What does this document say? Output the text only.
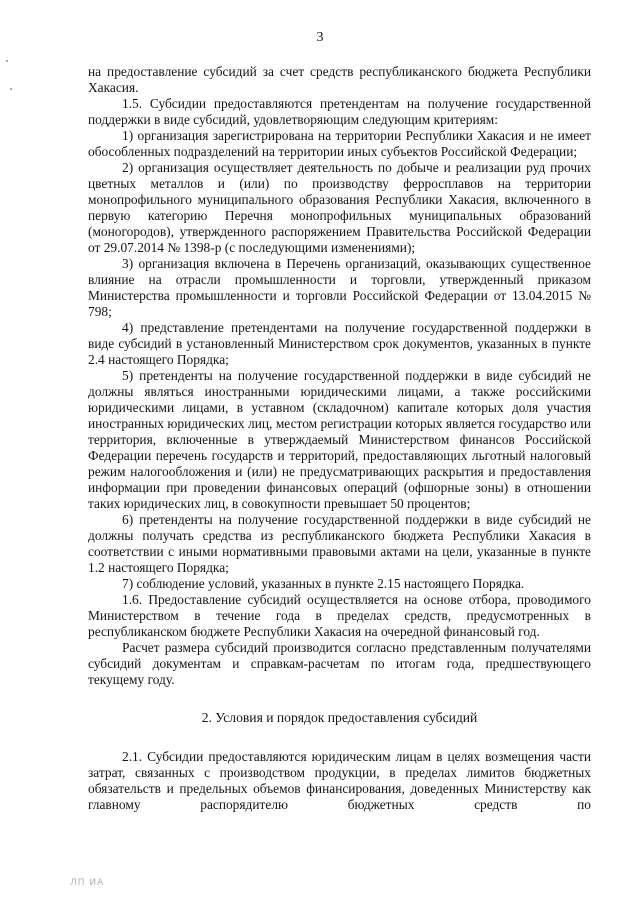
3

на предоставление субсидий за счет средств республиканского бюджета Республики Хакасия.

1.5. Субсидии предоставляются претендентам на получение государственной поддержки в виде субсидий, удовлетворяющим следующим критериям:

1) организация зарегистрирована на территории Республики Хакасия и не имеет обособленных подразделений на территории иных субъектов Российской Федерации;

2) организация осуществляет деятельность по добыче и реализации руд прочих цветных металлов и (или) по производству ферросплавов на территории монопрофильного муниципального образования Республики Хакасия, включенного в первую категорию Перечня монопрофильных муниципальных образований (моногородов), утвержденного распоряжением Правительства Российской Федерации от 29.07.2014 № 1398-р (с последующими изменениями);

3) организация включена в Перечень организаций, оказывающих существенное влияние на отрасли промышленности и торговли, утвержденный приказом Министерства промышленности и торговли Российской Федерации от 13.04.2015 № 798;

4) представление претендентами на получение государственной поддержки в виде субсидий в установленный Министерством срок документов, указанных в пункте 2.4 настоящего Порядка;

5) претенденты на получение государственной поддержки в виде субсидий не должны являться иностранными юридическими лицами, а также российскими юридическими лицами, в уставном (складочном) капитале которых доля участия иностранных юридических лиц, местом регистрации которых является государство или территория, включенные в утверждаемый Министерством финансов Российской Федерации перечень государств и территорий, предоставляющих льготный налоговый режим налогообложения и (или) не предусматривающих раскрытия и предоставления информации при проведении финансовых операций (офшорные зоны) в отношении таких юридических лиц, в совокупности превышает 50 процентов;

6) претенденты на получение государственной поддержки в виде субсидий не должны получать средства из республиканского бюджета Республики Хакасия в соответствии с иными нормативными правовыми актами на цели, указанные в пункте 1.2 настоящего Порядка;

7) соблюдение условий, указанных в пункте 2.15 настоящего Порядка.

1.6. Предоставление субсидий осуществляется на основе отбора, проводимого Министерством в течение года в пределах средств, предусмотренных в республиканском бюджете Республики Хакасия на очередной финансовый год.

Расчет размера субсидий производится согласно представленным получателями субсидий документам и справкам-расчетам по итогам года, предшествующего текущему году.

2. Условия и порядок предоставления субсидий

2.1. Субсидии предоставляются юридическим лицам в целях возмещения части затрат, связанных с производством продукции, в пределах лимитов бюджетных обязательств и предельных объемов финансирования, доведенных Министерству как главному распорядителю бюджетных средств по

ЛП ИА
